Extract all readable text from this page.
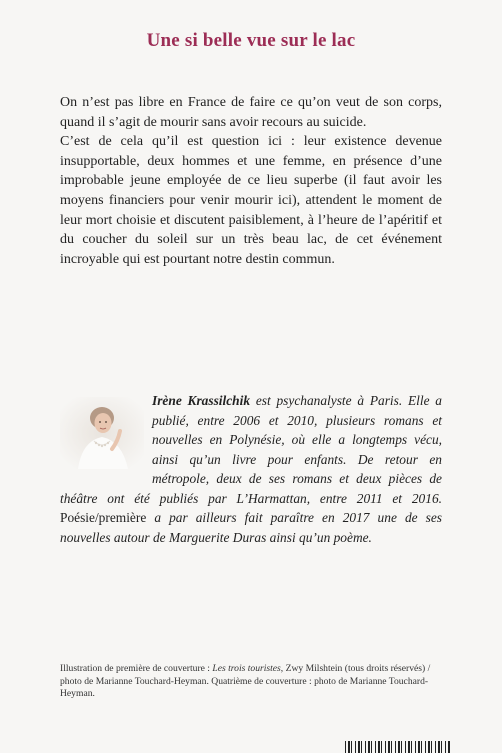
Une si belle vue sur le lac

On n’est pas libre en France de faire ce qu’on veut de son corps, quand il s’agit de mourir sans avoir recours au suicide.

C’est de cela qu’il est question ici : leur existence devenue insupportable, deux hommes et une femme, en présence d’une improbable jeune employée de ce lieu superbe (il faut avoir les moyens financiers pour venir mourir ici), attendent le moment de leur mort choisie et discutent paisiblement, à l’heure de l’apéritif et du coucher du soleil sur un très beau lac, de cet événement incroyable qui est pourtant notre destin commun.

Irène Krassilchik est psychanalyste à Paris. Elle a publié, entre 2006 et 2010, plusieurs romans et nouvelles en Polynésie, où elle a longtemps vécu, ainsi qu’un livre pour enfants. De retour en métropole, deux de ses romans et deux pièces de théâtre ont été publiés par L’Harmattan, entre 2011 et 2016. Poésie/première a par ailleurs fait paraître en 2017 une de ses nouvelles autour de Marguerite Duras ainsi qu’un poème.
Illustration de première de couverture : Les trois touristes, Zwy Milshtein (tous droits réservés) / photo de Marianne Touchard-Heyman. Quatrième de couverture : photo de Marianne Touchard-Heyman.
